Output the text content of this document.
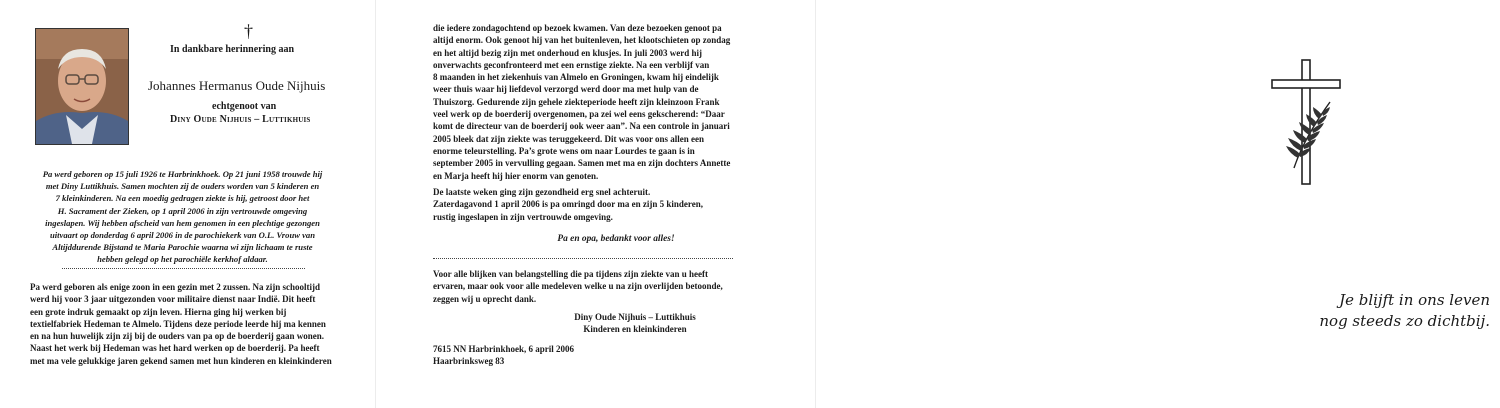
†
In dankbare herinnering aan
Johannes Hermanus Oude Nijhuis
echtgenoot van
Diny Oude Nijhuis – Luttikhuis

Pa werd geboren op 15 juli 1926 te Harbrinkhoek. Op 21 juni 1958 trouwde hij
met Diny Luttikhuis. Samen mochten zij de ouders worden van 5 kinderen en
7 kleinkinderen. Na een moedig gedragen ziekte is hij, getroost door het
H. Sacrament der Zieken, op 1 april 2006 in zijn vertrouwde omgeving
ingeslapen. Wij hebben afscheid van hem genomen in een plechtige gezongen
uitvaart op donderdag 6 april 2006 in de parochiekerk van O.L. Vrouw van
Altijddurende Bijstand te Maria Parochie waarna wi zijn lichaam te ruste
hebben gelegd op het parochiële kerkhof aldaar.

Pa werd geboren als enige zoon in een gezin met 2 zussen. Na zijn schooltijd
werd hij voor 3 jaar uitgezonden voor militaire dienst naar Indië. Dit heeft
een grote indruk gemaakt op zijn leven. Hierna ging hij werken bij
textielfabriek Hedeman te Almelo. Tijdens deze periode leerde hij ma kennen
en na hun huwelijk zijn zij bij de ouders van pa op de boerderij gaan wonen.
Naast het werk bij Hedeman was het hard werken op de boerderij. Pa heeft
met ma vele gelukkige jaren gekend samen met hun kinderen en kleinkinderen

die iedere zondagochtend op bezoek kwamen. Van deze bezoeken genoot pa
altijd enorm. Ook genoot hij van het buitenleven, het klootschieten op zondag
en het altijd bezig zijn met onderhoud en klusjes. In juli 2003 werd hij
onverwachts geconfronteerd met een ernstige ziekte. Na een verblijf van
8 maanden in het ziekenhuis van Almelo en Groningen, kwam hij eindelijk
weer thuis waar hij liefdevol verzorgd werd door ma met hulp van de
Thuiszorg. Gedurende zijn gehele ziekteperiode heeft zijn kleinzoon Frank
veel werk op de boerderij overgenomen, pa zei wel eens gekscherend: “Daar
komt de directeur van de boerderij ook weer aan”. Na een controle in januari
2005 bleek dat zijn ziekte was teruggekeerd. Dit was voor ons allen een
enorme teleurstelling. Pa’s grote wens om naar Lourdes te gaan is in
september 2005 in vervulling gegaan. Samen met ma en zijn dochters Annette
en Marja heeft hij hier enorm van genoten.

De laatste weken ging zijn gezondheid erg snel achteruit.
Zaterdagavond 1 april 2006 is pa omringd door ma en zijn 5 kinderen,
rustig ingeslapen in zijn vertrouwde omgeving.

Pa en opa, bedankt voor alles!

Voor alle blijken van belangstelling die pa tijdens zijn ziekte van u heeft
ervaren, maar ook voor alle medeleven welke u na zijn overlijden betoonde,
zeggen wij u oprecht dank.

Diny Oude Nijhuis – Luttikhuis
Kinderen en kleinkinderen

7615 NN Harbrinkhoek, 6 april 2006
Haarbrinksweg 83

Je blijft in ons leven
nog steeds zo dichtbij.
